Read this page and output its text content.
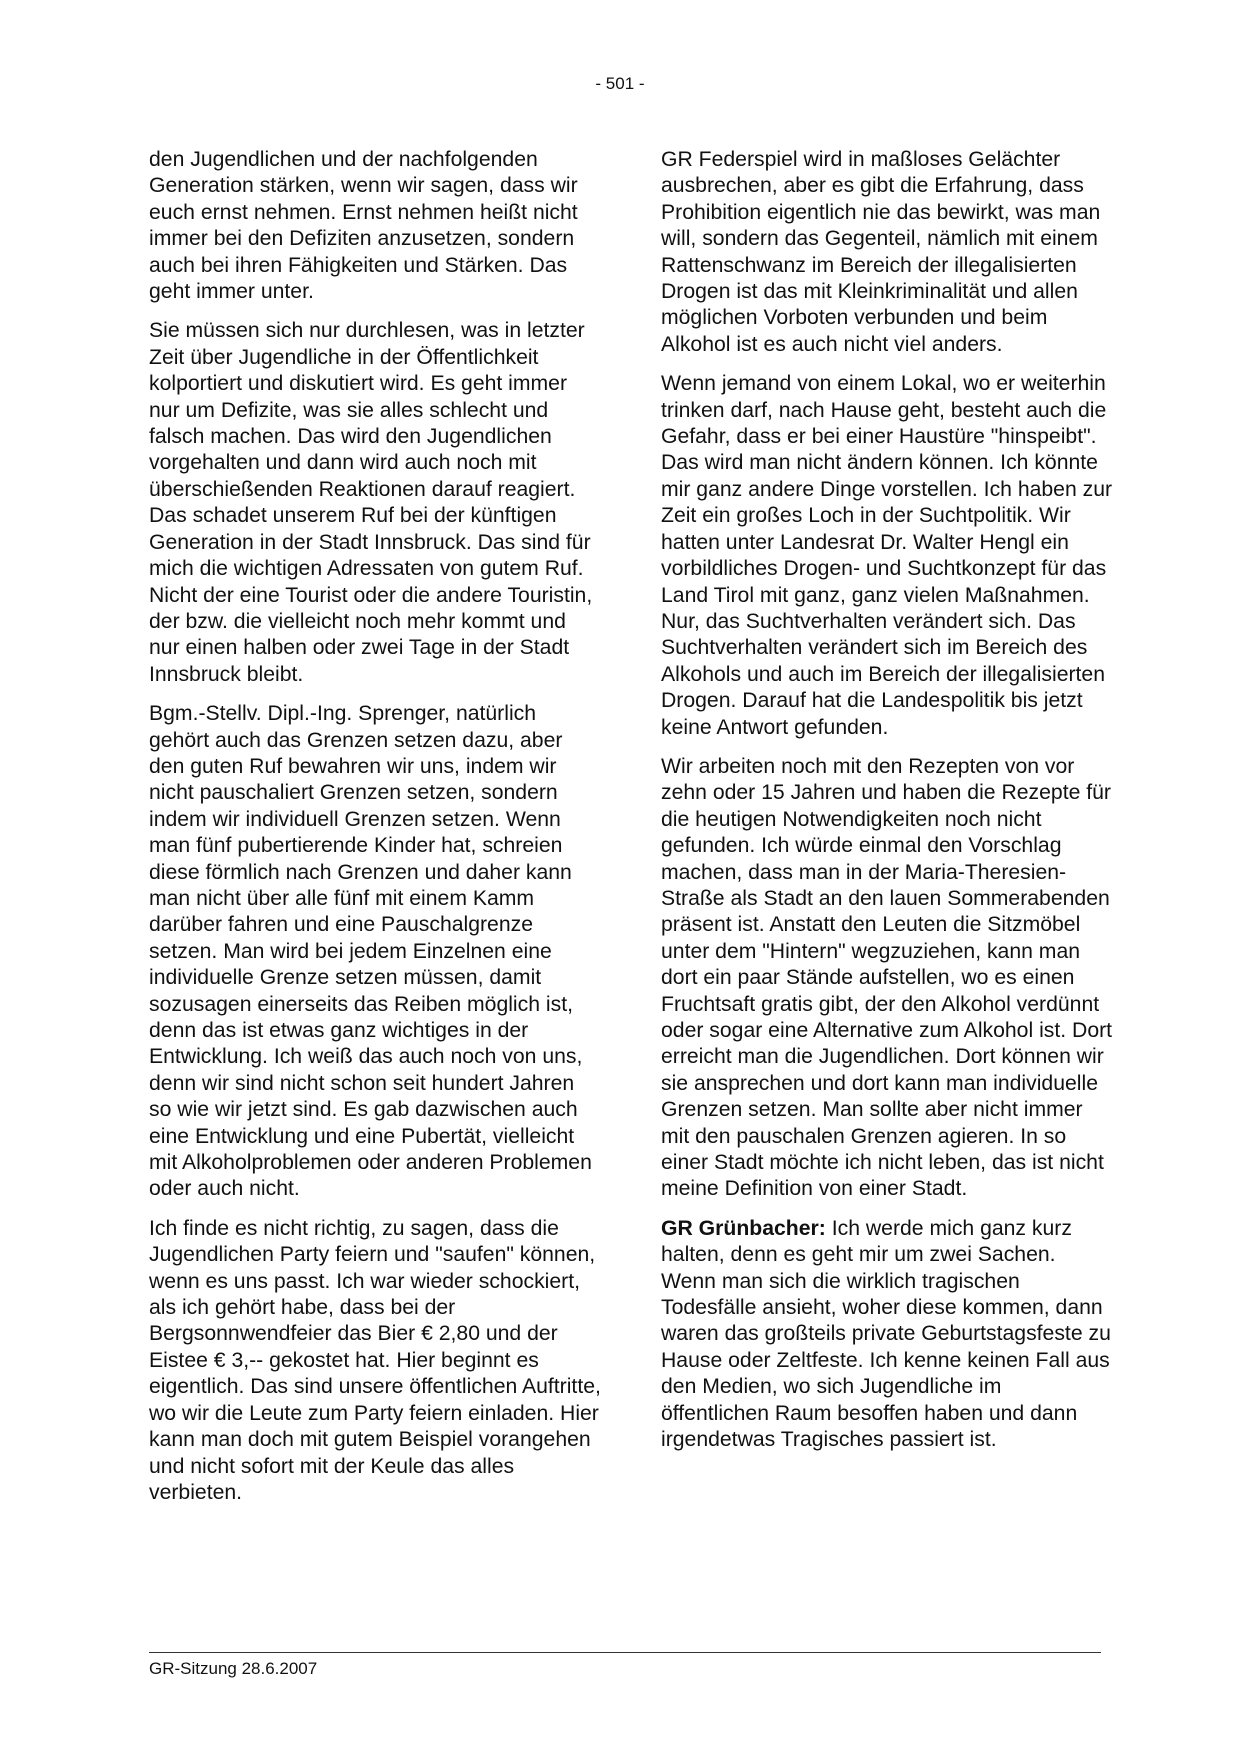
- 501 -

den Jugendlichen und der nachfolgenden Generation stärken, wenn wir sagen, dass wir euch ernst nehmen. Ernst nehmen heißt nicht immer bei den Defiziten anzusetzen, sondern auch bei ihren Fähigkeiten und Stärken. Das geht immer unter.

Sie müssen sich nur durchlesen, was in letzter Zeit über Jugendliche in der Öffentlichkeit kolportiert und diskutiert wird. Es geht immer nur um Defizite, was sie alles schlecht und falsch machen. Das wird den Jugendlichen vorgehalten und dann wird auch noch mit überschießenden Reaktionen darauf reagiert. Das schadet unserem Ruf bei der künftigen Generation in der Stadt Innsbruck. Das sind für mich die wichtigen Adressaten von gutem Ruf. Nicht der eine Tourist oder die andere Touristin, der bzw. die vielleicht noch mehr kommt und nur einen halben oder zwei Tage in der Stadt Innsbruck bleibt.

Bgm.-Stellv. Dipl.-Ing. Sprenger, natürlich gehört auch das Grenzen setzen dazu, aber den guten Ruf bewahren wir uns, indem wir nicht pauschaliert Grenzen setzen, sondern indem wir individuell Grenzen setzen. Wenn man fünf pubertierende Kinder hat, schreien diese förmlich nach Grenzen und daher kann man nicht über alle fünf mit einem Kamm darüber fahren und eine Pauschalgrenze setzen. Man wird bei jedem Einzelnen eine individuelle Grenze setzen müssen, damit sozusagen einerseits das Reiben möglich ist, denn das ist etwas ganz wichtiges in der Entwicklung. Ich weiß das auch noch von uns, denn wir sind nicht schon seit hundert Jahren so wie wir jetzt sind. Es gab dazwischen auch eine Entwicklung und eine Pubertät, vielleicht mit Alkoholproblemen oder anderen Problemen oder auch nicht.

Ich finde es nicht richtig, zu sagen, dass die Jugendlichen Party feiern und "saufen" können, wenn es uns passt. Ich war wieder schockiert, als ich gehört habe, dass bei der Bergsonnwendfeier das Bier € 2,80 und der Eistee € 3,-- gekostet hat. Hier beginnt es eigentlich. Das sind unsere öffentlichen Auftritte, wo wir die Leute zum Party feiern einladen. Hier kann man doch mit gutem Beispiel vorangehen und nicht sofort mit der Keule das alles verbieten.

GR Federspiel wird in maßloses Gelächter ausbrechen, aber es gibt die Erfahrung, dass Prohibition eigentlich nie das bewirkt, was man will, sondern das Gegenteil, nämlich mit einem Rattenschwanz im Bereich der illegalisierten Drogen ist das mit Kleinkriminalität und allen möglichen Vorboten verbunden und beim Alkohol ist es auch nicht viel anders.

Wenn jemand von einem Lokal, wo er weiterhin trinken darf, nach Hause geht, besteht auch die Gefahr, dass er bei einer Haustüre "hinspeibt". Das wird man nicht ändern können. Ich könnte mir ganz andere Dinge vorstellen. Ich haben zur Zeit ein großes Loch in der Suchtpolitik. Wir hatten unter Landesrat Dr. Walter Hengl ein vorbildliches Drogen- und Suchtkonzept für das Land Tirol mit ganz, ganz vielen Maßnahmen. Nur, das Suchtverhalten verändert sich. Das Suchtverhalten verändert sich im Bereich des Alkohols und auch im Bereich der illegalisierten Drogen. Darauf hat die Landespolitik bis jetzt keine Antwort gefunden.

Wir arbeiten noch mit den Rezepten von vor zehn oder 15 Jahren und haben die Rezepte für die heutigen Notwendigkeiten noch nicht gefunden. Ich würde einmal den Vorschlag machen, dass man in der Maria-Theresien-Straße als Stadt an den lauen Sommerabenden präsent ist. Anstatt den Leuten die Sitzmöbel unter dem "Hintern" wegzuziehen, kann man dort ein paar Stände aufstellen, wo es einen Fruchtsaft gratis gibt, der den Alkohol verdünnt oder sogar eine Alternative zum Alkohol ist. Dort erreicht man die Jugendlichen. Dort können wir sie ansprechen und dort kann man individuelle Grenzen setzen. Man sollte aber nicht immer mit den pauschalen Grenzen agieren. In so einer Stadt möchte ich nicht leben, das ist nicht meine Definition von einer Stadt.

GR Grünbacher: Ich werde mich ganz kurz halten, denn es geht mir um zwei Sachen. Wenn man sich die wirklich tragischen Todesfälle ansieht, woher diese kommen, dann waren das großteils private Geburtstagsfeste zu Hause oder Zeltfeste. Ich kenne keinen Fall aus den Medien, wo sich Jugendliche im öffentlichen Raum besoffen haben und dann irgendetwas Tragisches passiert ist.

GR-Sitzung 28.6.2007
